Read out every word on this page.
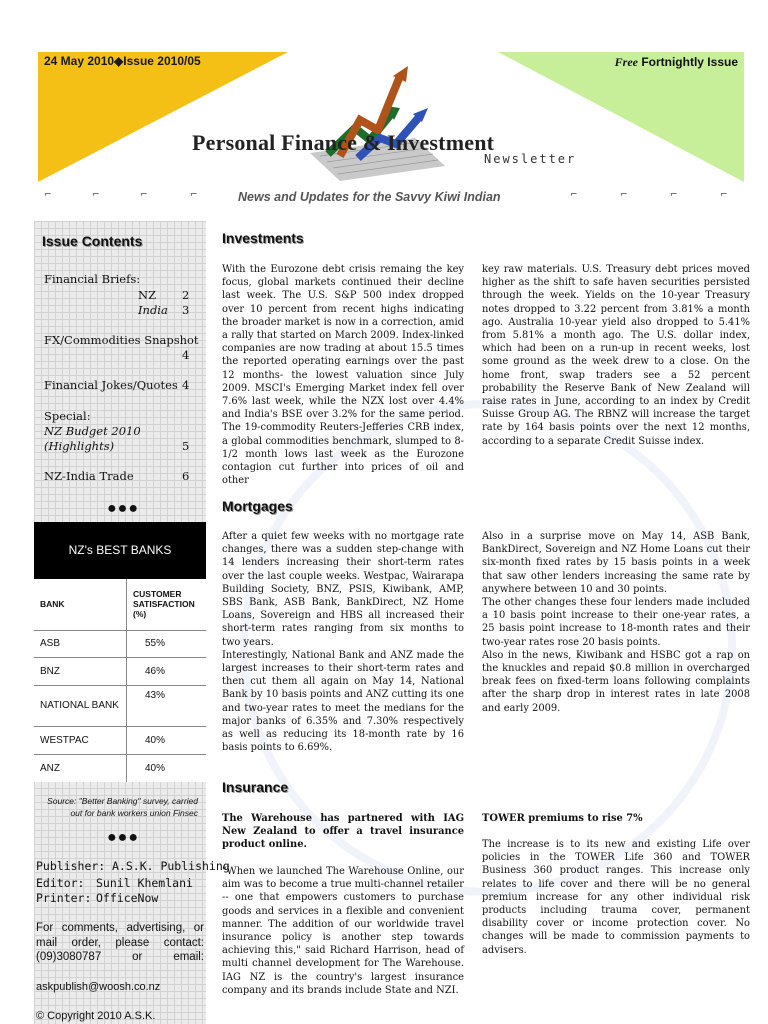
24 May 2010◆Issue 2010/05	Free Fortnightly Issue
Personal Finance & Investment
Newsletter
⌐	⌐	⌐	⌐	News and Updates for the Savvy Kiwi Indian	⌐	⌐	⌐	⌐
Issue Contents
Financial Briefs:
NZ 2
India 3
FX/Commodities Snapshot
4
Financial Jokes/Quotes 4
Special:
NZ Budget 2010
(Highlights)	5
NZ-India Trade	6
●●●
NZ's BEST BANKS
BANK	CUSTOMER SATISFACTION (%)
ASB	55%
BNZ	46%
NATIONAL BANK	43%
WESTPAC	40%
ANZ	40%
Source: "Better Banking" survey, carried out for bank workers union Finsec
●●●
Publisher: A.S.K. Publishing
Editor: Sunil Khemlani
Printer: OfficeNow
For comments, advertising, or mail order, please contact: (09)3080787 or email:
askpublish@woosh.co.nz
© Copyright 2010 A.S.K.
Investments
With the Eurozone debt crisis remaing the key focus, global markets continued their decline last week. The U.S. S&P 500 index dropped over 10 percent from recent highs indicating the broader market is now in a correction, amid a rally that started on March 2009. Index-linked companies are now trading at about 15.5 times the reported operating earnings over the past 12 months- the lowest valuation since July 2009. MSCI's Emerging Market index fell over 7.6% last week, while the NZX lost over 4.4% and India's BSE over 3.2% for the same period. The 19-commodity Reuters-Jefferies CRB index, a global commodities benchmark, slumped to 8-1/2 month lows last week as the Eurozone contagion cut further into prices of oil and other
key raw materials. U.S. Treasury debt prices moved higher as the shift to safe haven securities persisted through the week. Yields on the 10-year Treasury notes dropped to 3.22 percent from 3.81% a month ago. Australia 10-year yield also dropped to 5.41% from 5.81% a month ago. The U.S. dollar index, which had been on a run-up in recent weeks, lost some ground as the week drew to a close. On the home front, swap traders see a 52 percent probability the Reserve Bank of New Zealand will raise rates in June, according to an index by Credit Suisse Group AG. The RBNZ will increase the target rate by 164 basis points over the next 12 months, according to a separate Credit Suisse index.
Mortgages

After a quiet few weeks with no mortgage rate changes, there was a sudden step-change with 14 lenders increasing their short-term rates over the last couple weeks. Westpac, Wairarapa Building Society, BNZ, PSIS, Kiwibank, AMP, SBS Bank, ASB Bank, BankDirect, NZ Home Loans, Sovereign and HBS all increased their short-term rates ranging from six months to two years.

Interestingly, National Bank and ANZ made the largest increases to their short-term rates and then cut them all again on May 14, National Bank by 10 basis points and ANZ cutting its one and two-year rates to meet the medians for the major banks of 6.35% and 7.30% respectively as well as reducing its 18-month rate by 16 basis points to 6.69%.

Also in a surprise move on May 14, ASB Bank, BankDirect, Sovereign and NZ Home Loans cut their six-month fixed rates by 15 basis points in a week that saw other lenders increasing the same rate by anywhere between 10 and 30 points.

The other changes these four lenders made included a 10 basis point increase to their one-year rates, a 25 basis point increase to 18-month rates and their two-year rates rose 20 basis points.

Also in the news, Kiwibank and HSBC got a rap on the knuckles and repaid $0.8 million in overcharged break fees on fixed-term loans following complaints after the sharp drop in interest rates in late 2008 and early 2009.

Insurance
The Warehouse has partnered with IAG New Zealand to offer a travel insurance product online.
"When we launched The Warehouse Online, our aim was to become a true multi-channel retailer -- one that empowers customers to purchase goods and services in a flexible and convenient manner. The addition of our worldwide travel insurance policy is another step towards achieving this," said Richard Harrison, head of multi channel development for The Warehouse. IAG NZ is the country's largest insurance company and its brands include State and NZI.
TOWER premiums to rise 7%
The increase is to its new and existing Life over policies in the TOWER Life 360 and TOWER Business 360 product ranges. This increase only relates to life cover and there will be no general premium increase for any other individual risk products including trauma cover, permanent disability cover or income protection cover. No changes will be made to commission payments to advisers.
